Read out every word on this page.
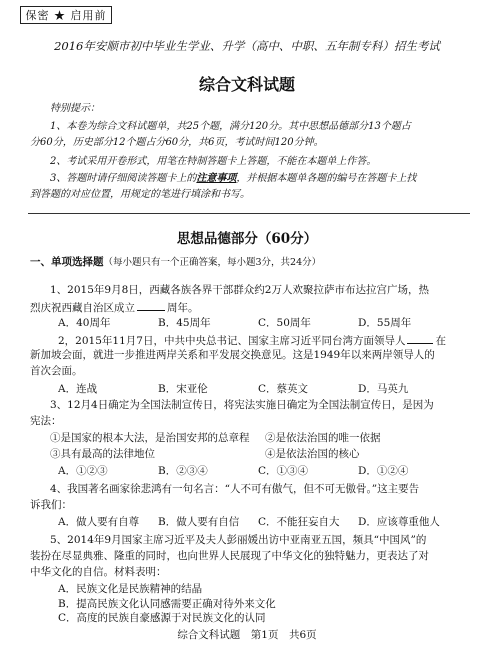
保密 ★ 启用前
2016年安顺市初中毕业生学业、升学（高中、中职、五年制专科）招生考试
综合文科试题
特别提示：
1、本卷为综合文科试题单，共25个题，满分120分。其中思想品德部分13个题占
分60分，历史部分12个题占分60分，共6页，考试时间120分钟。
2、考试采用开卷形式，用笔在特制答题卡上答题，不能在本题单上作答。
3、答题时请仔细阅读答题卡上的注意事项，并根据本题单各题的编号在答题卡上找
到答题的对应位置，用规定的笔进行填涂和书写。
思想品德部分（60分）
一、单项选择题（每小题只有一个正确答案，每小题3分，共24分）
1、2015年9月8日，西藏各族各界干部群众约2万人欢聚拉萨市布达拉宫广场，热
烈庆祝西藏自治区成立	周年。
A．40周年	B．45周年	C．50周年	D．55周年
2，2015年11月7日，中共中央总书记、国家主席习近平同台湾方面领导人	在
新加坡会面，就进一步推进两岸关系和平发展交换意见。这是1949年以来两岸领导人的
首次会面。
A．连战	B．宋亚伦	C．蔡英文	D．马英九
3、12月4日确定为全国法制宣传日，将宪法实施日确定为全国法制宣传日，是因为
宪法：
①是国家的根本大法，是治国安邦的总章程 ②是依法治国的唯一依据
③具有最高的法律地位	④是依法治国的核心
A．①②③	B．②③④	C．①③④	D．①②④
4、我国著名画家徐悲鸿有一句名言：“人不可有傲气，但不可无傲骨。”这主要告
诉我们：
A．做人要有自尊 B．做人要有自信 C．不能狂妄自大 D．应该尊重他人
5、2014年9月国家主席习近平及夫人彭丽媛出访中亚南亚五国，频具“中国风”的
装扮在尽显典雅、隆重的同时，也向世界人民展现了中华文化的独特魅力，更表达了对
中华文化的自信。材料表明：
A．民族文化是民族精神的结晶
B．提高民族文化认同感需要正确对待外来文化
C．高度的民族自豪感源于对民族文化的认同
综合文科试题　第1页　共6页
